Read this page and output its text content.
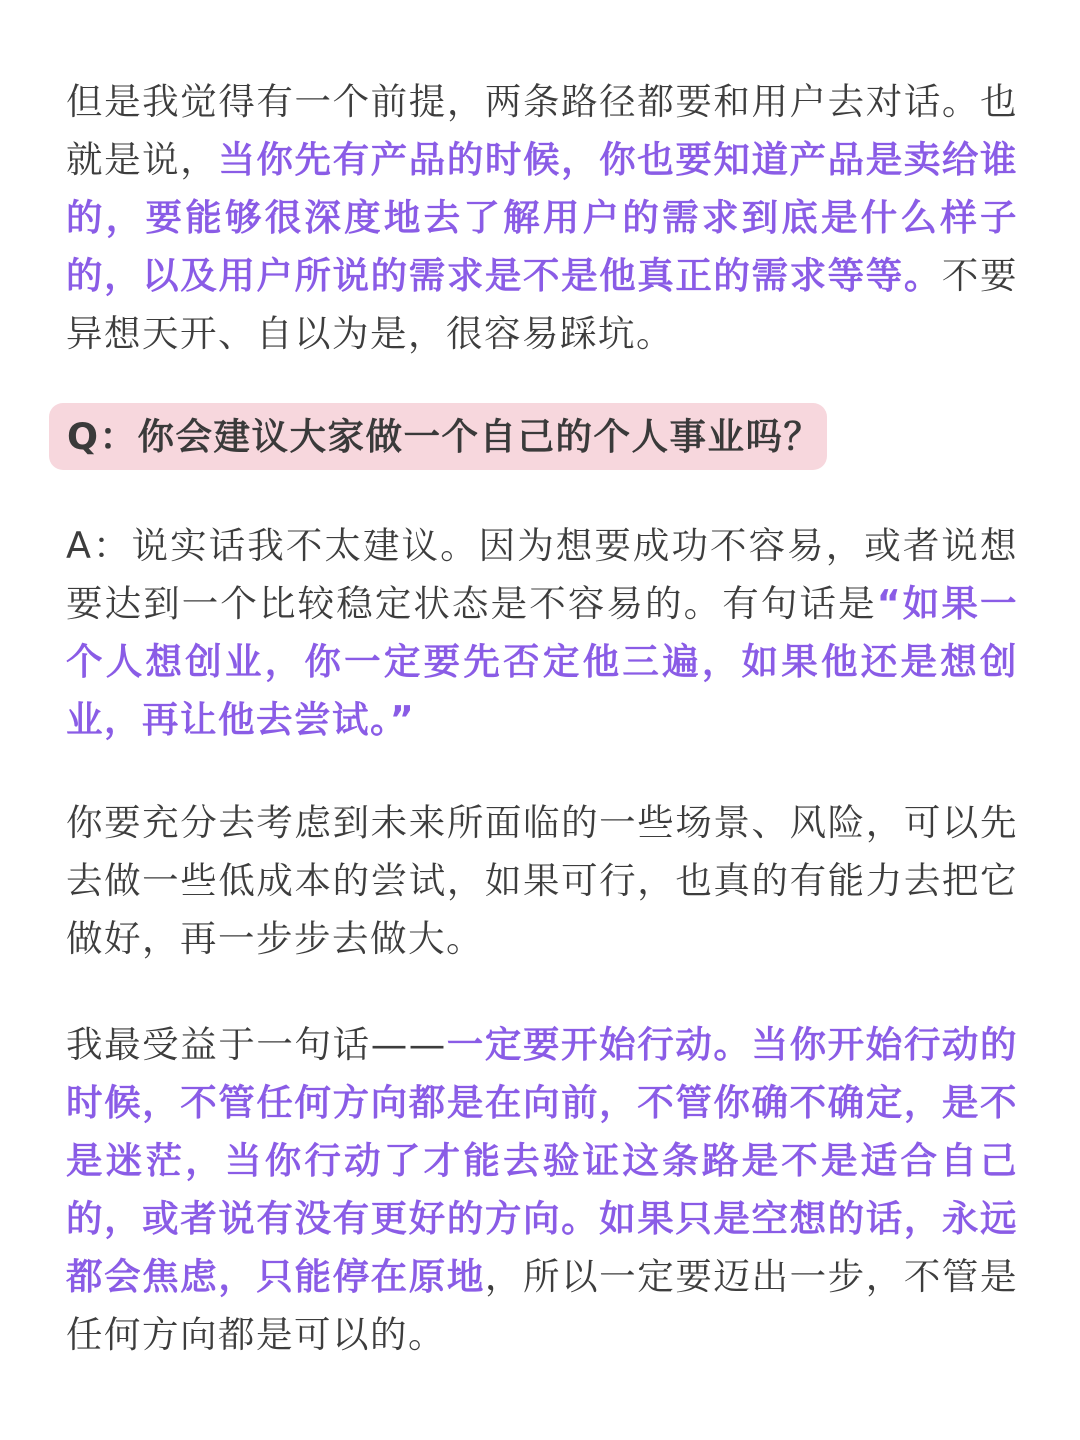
但是我觉得有一个前提，两条路径都要和用户去对话。也就是说，当你先有产品的时候，你也要知道产品是卖给谁的，要能够很深度地去了解用户的需求到底是什么样子的，以及用户所说的需求是不是他真正的需求等等。不要异想天开、自以为是，很容易踩坑。

Q：你会建议大家做一个自己的个人事业吗？

A：说实话我不太建议。因为想要成功不容易，或者说想要达到一个比较稳定状态是不容易的。有句话是“如果一个人想创业，你一定要先否定他三遍，如果他还是想创业，再让他去尝试。”

你要充分去考虑到未来所面临的一些场景、风险，可以先去做一些低成本的尝试，如果可行，也真的有能力去把它做好，再一步步去做大。

我最受益于一句话——一定要开始行动。当你开始行动的时候，不管任何方向都是在向前，不管你确不确定，是不是迷茫，当你行动了才能去验证这条路是不是适合自己的，或者说有没有更好的方向。如果只是空想的话，永远都会焦虑，只能停在原地，所以一定要迈出一步，不管是任何方向都是可以的。
